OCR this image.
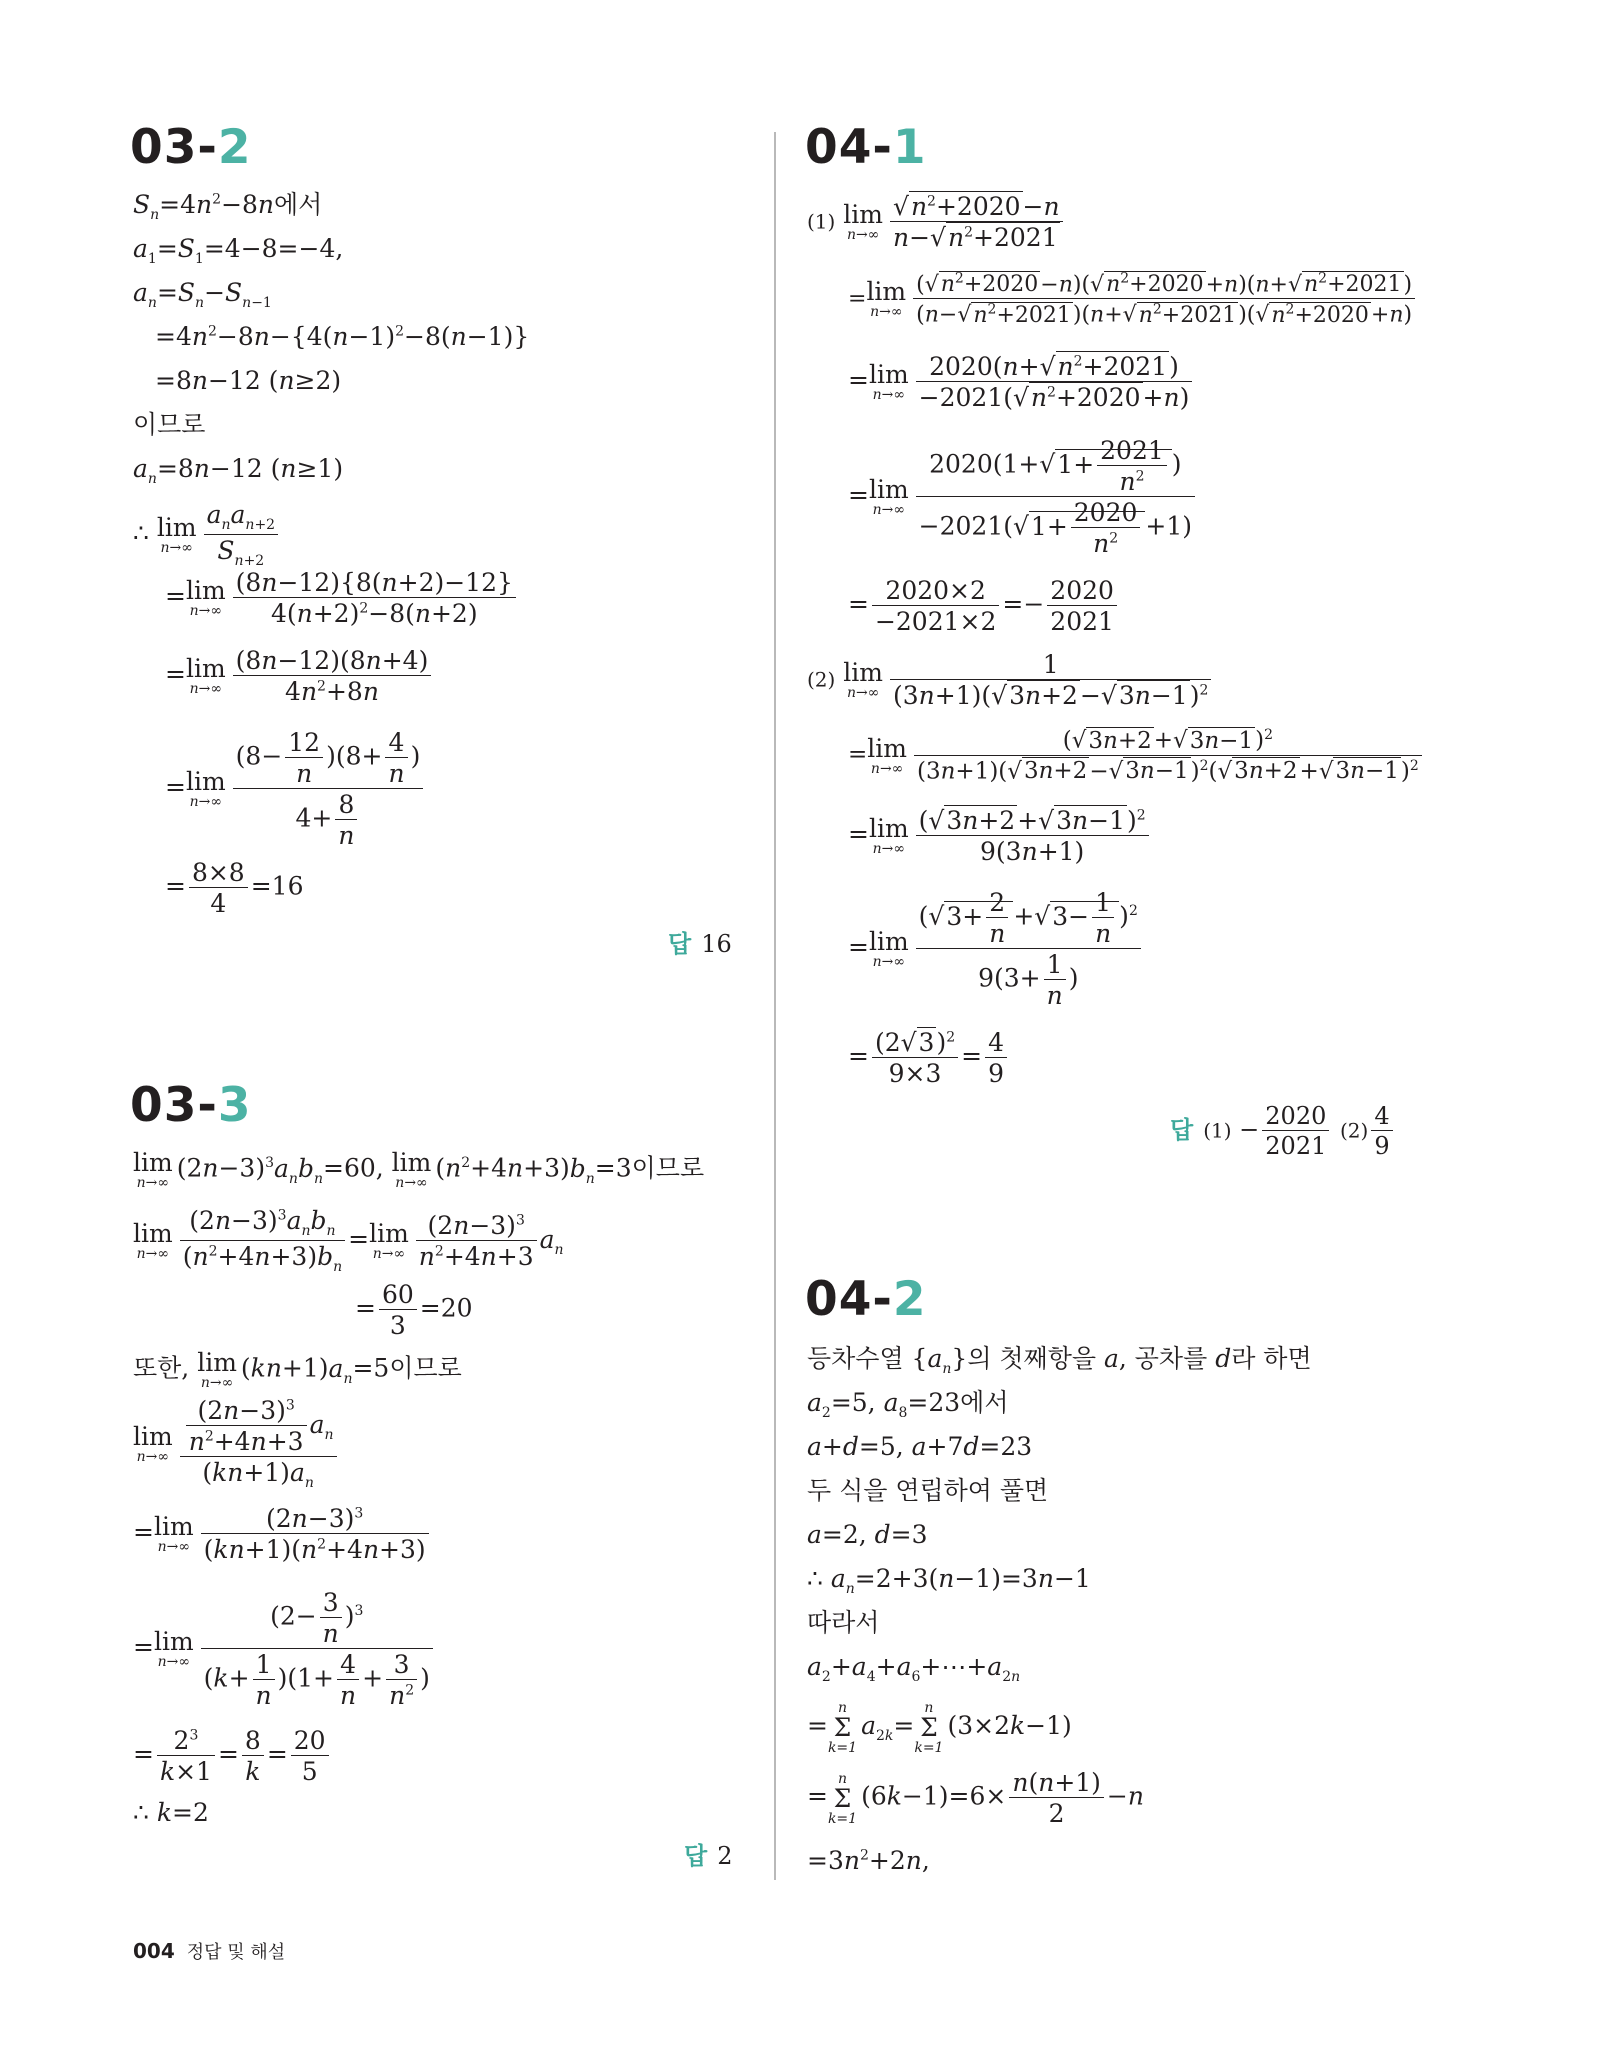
03-2
$S_n=4n^2-8n$에서
$a_1=S_1=4-8=-4$,
$a_n=S_n-S_{n-1}$
$=4n^2-8n-\{4(n-1)^2-8(n-1)\}$
=8n−12 (n≥2)
이므로
$a_n=8n-12$ (n≥1)
∴ lim
n→∞
$a_na_{n+2}$
$S_{n+2}$
= lim
$n\to\infty \frac{(8n-12)\{8(n+2)-12\}}{4(n+2)^2-8(n+2)}$
= lim
$n\to\infty \frac{(8n-12)(8n+4)}{4n^2+8n}$
= lim
$n\to\infty \frac{(8- \frac{12}{n} )(8+ \frac{4}{n} )}{4+ \frac{8}{n}}$
= $\frac{8\times 8}{4} =16$
답 16
03-3
lim
n→∞
$(2n-3)^3a_nb_n=60$, lim
n→∞
$(n^2+4n+3)b_n=3$이므로
lim
n→∞
$(2n-3)^3a_nb_n$
$(n^2+4n+3)b_n$
= lim
$n\to\infty \frac{(2n-3)^3}{n^2+4n+3} a_n$
= $\frac{60}{3} =20$
또한, lim
n→∞
$(kn+1)a_n=5$이므로
lim
$n\to\infty \frac{\frac{(2n-3)^3}{n^2+4n+3} a_n}{(kn+1)a_n}$
= lim
$n\to\infty \frac{(2n-3)^3}{(kn+1)(n^2+4n+3)}$
= lim
$n\to\infty \frac{(2- \frac{3}{n} )^3}{(k+ \frac{1}{n} )(1+ \frac{4}{n} + \frac{3}{n^2} )}$
= $\frac{2^3}{k\times 1} = \frac{8}{k} = \frac{20}{5}$
∴ k=2
답 2
04-1
(1) lim
$n\to\infty \frac{√n^2+2020-n}{n-√n^2+2021}$
= lim
$n\to\infty \frac{(√n^2+2020-n)(√n^2+2020+n)(n+√n^2+2021)}{(n-√n^2+2021)(n+√n^2+2021)(√n^2+2020+n)}$
= lim
$n\to\infty \frac{2020(n+√n^2+2021)}{-2021(√n^2+2020+n)}$
= lim
$n\to\infty \frac{2020(1+√1+ \frac{2021}{n^2} )}{-2021(√1+ \frac{2020}{n^2} +1)}$
= $\frac{2020\times 2}{-2021\times 2} =- \frac{2020}{2021}$
(2) lim
$n\to\infty \frac{1}{(3n+1)(√3n+2-√3n-1)^2}$
= lim
$n\to\infty \frac{(√3n+2+√3n-1)^2}{(3n+1)(√3n+2-√3n-1)^2(√3n+2+√3n-1)^2}$
= lim
$n\to\infty \frac{(√3n+2+√3n-1)^2}{9(3n+1)}$
= lim
$n\to\infty \frac{(√3+ \frac{2}{n} +√3- \frac{1}{n} )^2}{9(3+ \frac{1}{n} )}$
= $\frac{(2√3)^2}{9\times 3} = \frac{4}{9}$
답 $(1) - \frac{2020}{2021} (2) \frac{4}{9}$
04-2
등차수열 $\{a_n\}$의 첫째항을 a, 공차를 d라 하면
$a_2=5$, $a_8=23$에서
a+d=5, a+7d=23
두 식을 연립하여 풀면
a=2, d=3
∴ $a_n=2+3(n-1)=3n-1$
따라서
$a_2+a_4+a_6+\cdots+a_{2n}$
=
n
Σ
k=1
$a_{2k}=$
n
Σ
k=1
(3×2k−1)
=
n
Σ
k=1
$(6k-1)=6\times \frac{n(n+1)}{2} -n$
$=3n^2+2n$,
004 정답 및 해설
